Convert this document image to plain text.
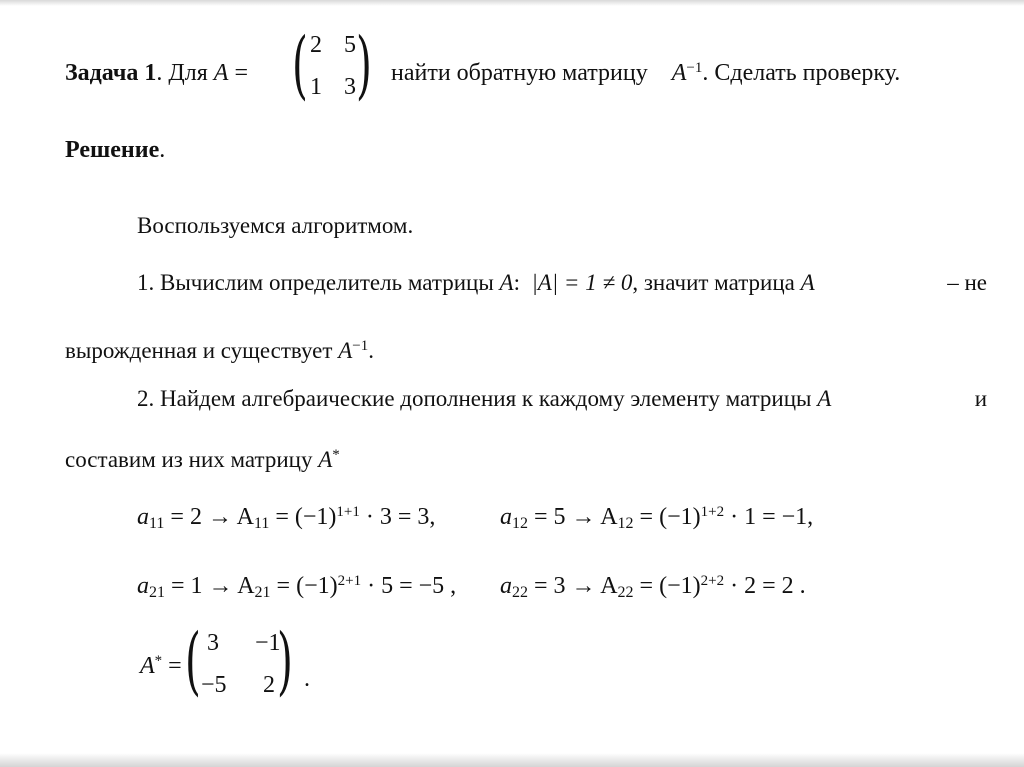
Задача 1. Для A = ( )
2 5
1 3
найти обратную матрицу $A^{-1}$. Сделать проверку.
Решение.
Воспользуемся алгоритмом.
1. Вычислим определитель матрицы A: |A| = 1 ≠ 0, значит матрица A	– не
вырожденная и существует $A^{-1}$.
2. Найдем алгебраические дополнения к каждому элементу матрицы A	и
составим из них матрицу A*
$a_{11} = 2 \to A_{11} = (-1)^{1+1} \cdot 3 = 3$,	$a_{12} = 5 \to A_{12} = (-1)^{1+2} \cdot 1 = -1$,
$a_{21} = 1 \to A_{21} = (-1)^{2+1} \cdot 5 = -5$ , $a_{22} = 3 \to A_{22} = (-1)^{2+2} \cdot 2 = 2$ .
A* = ( )
3 −1
−5 2 .
